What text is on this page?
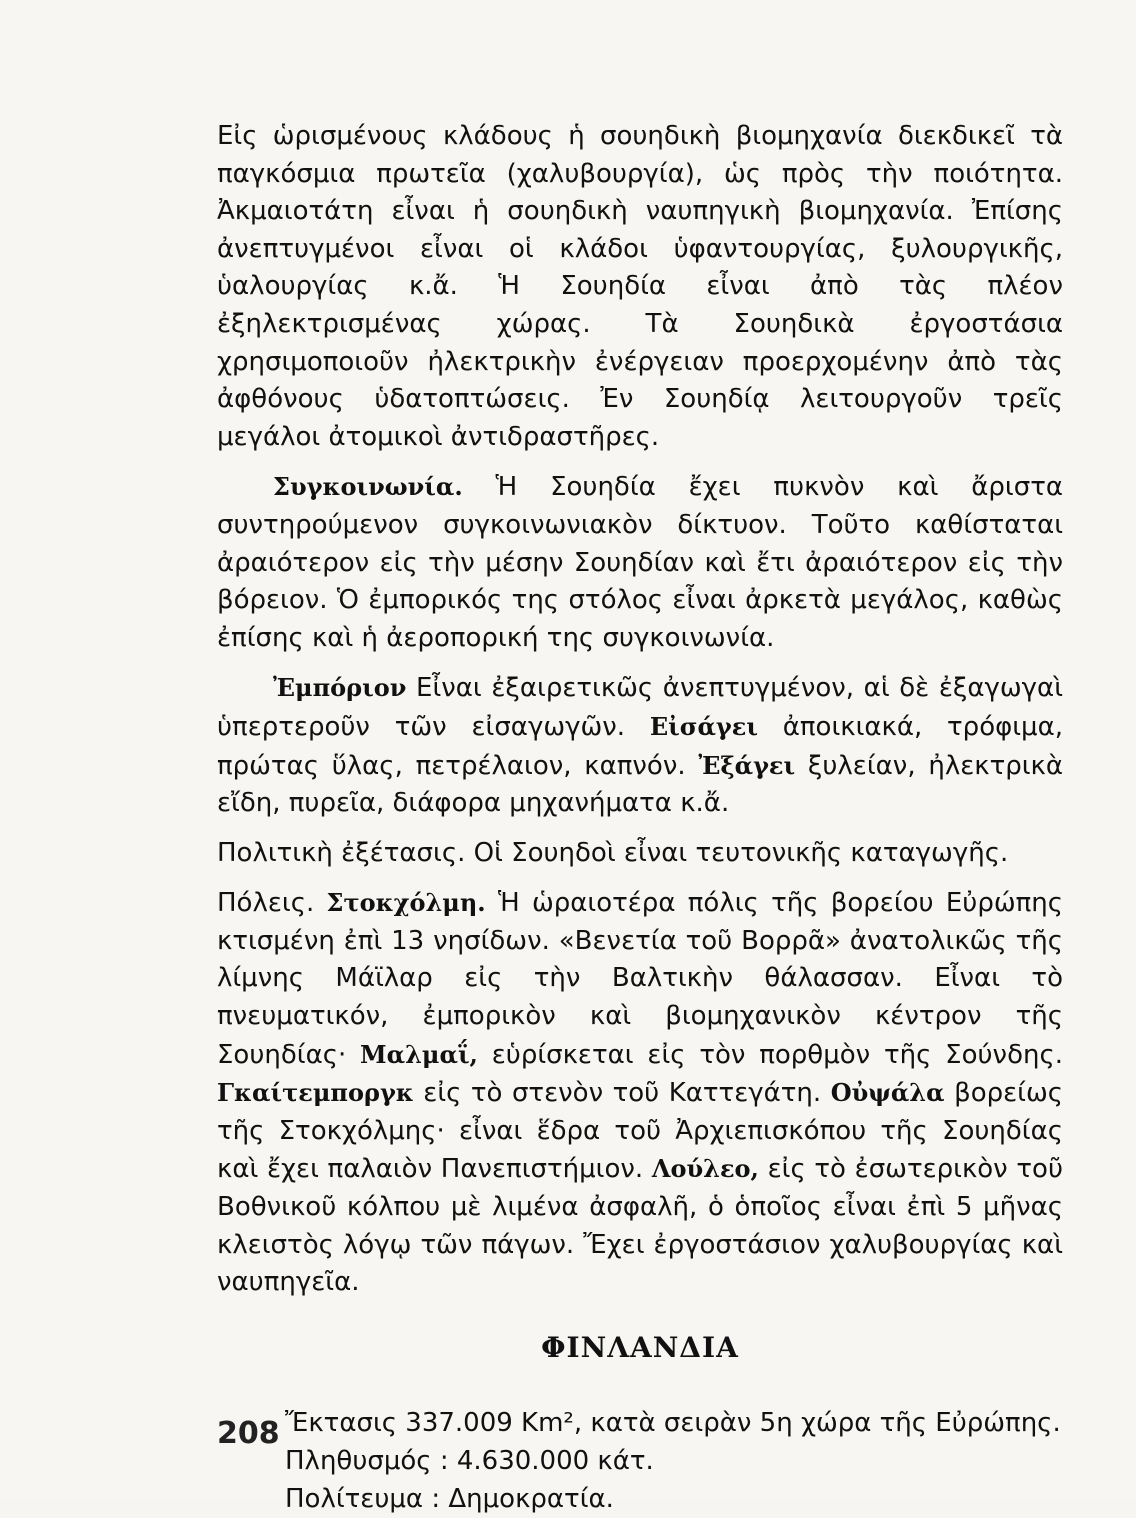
Εἰς ὡρισμένους κλάδους ἡ σουηδικὴ βιομηχανία διεκδικεῖ τὰ παγκόσμια πρωτεῖα (χαλυβουργία), ὡς πρὸς τὴν ποιότητα. Ἀκμαιοτάτη εἶναι ἡ σουηδικὴ ναυπηγικὴ βιομηχανία. Ἐπίσης ἀνεπτυγμένοι εἶναι οἱ κλάδοι ὑφαντουργίας, ξυλουργικῆς, ὑαλουργίας κ.ἄ. Ἡ Σουηδία εἶναι ἀπὸ τὰς πλέον ἐξηλεκτρισμένας χώρας. Τὰ Σουηδικὰ ἐργοστάσια χρησιμοποιοῦν ἠλεκτρικὴν ἐνέργειαν προερχομένην ἀπὸ τὰς ἀφθόνους ὑδατοπτώσεις. Ἐν Σουηδίᾳ λειτουργοῦν τρεῖς μεγάλοι ἀτομικοὶ ἀντιδραστῆρες.

Συγκοινωνία. Ἡ Σουηδία ἔχει πυκνὸν καὶ ἄριστα συντηρούμενον συγκοινωνιακὸν δίκτυον. Τοῦτο καθίσταται ἀραιότερον εἰς τὴν μέσην Σουηδίαν καὶ ἔτι ἀραιότερον εἰς τὴν βόρειον. Ὁ ἐμπορικός της στόλος εἶναι ἀρκετὰ μεγάλος, καθὼς ἐπίσης καὶ ἡ ἀεροπορική της συγκοινωνία.

Ἐμπόριον Εἶναι ἐξαιρετικῶς ἀνεπτυγμένον, αἱ δὲ ἐξαγωγαὶ ὑπερτεροῦν τῶν εἰσαγωγῶν. Εἰσάγει ἀποικιακά, τρόφιμα, πρώτας ὕλας, πετρέλαιον, καπνόν. Ἐξάγει ξυλείαν, ἠλεκτρικὰ εἴδη, πυρεῖα, διάφορα μηχανήματα κ.ἄ.

Πολιτικὴ ἐξέτασις. Οἱ Σουηδοὶ εἶναι τευτονικῆς καταγωγῆς.

Πόλεις. Στοκχόλμη. Ἡ ὡραιοτέρα πόλις τῆς βορείου Εὐρώπης κτισμένη ἐπὶ 13 νησίδων. «Βενετία τοῦ Βορρᾶ» ἀνατολικῶς τῆς λίμνης Μάϊλαρ εἰς τὴν Βαλτικὴν θάλασσαν. Εἶναι τὸ πνευματικόν, ἐμπορικὸν καὶ βιομηχανικὸν κέντρον τῆς Σουηδίας· Μαλμαΐ, εὑρίσκεται εἰς τὸν πορθμὸν τῆς Σούνδης. Γκαίτεμποργκ εἰς τὸ στενὸν τοῦ Καττεγάτη. Οὐψάλα βορείως τῆς Στοκχόλμης· εἶναι ἕδρα τοῦ Ἀρχιεπισκόπου τῆς Σουηδίας καὶ ἔχει παλαιὸν Πανεπιστήμιον. Λούλεο, εἰς τὸ ἐσωτερικὸν τοῦ Βοθνικοῦ κόλπου μὲ λιμένα ἀσφαλῆ, ὁ ὁποῖος εἶναι ἐπὶ 5 μῆνας κλειστὸς λόγῳ τῶν πάγων. Ἔχει ἐργοστάσιον χαλυβουργίας καὶ ναυπηγεῖα.

ΦΙΝΛΑΝΔΙΑ

Ἔκτασις 337.009 Km², κατὰ σειρὰν 5η χώρα τῆς Εὐρώπης.

Πληθυσμός : 4.630.000 κάτ.

Πολίτευμα : Δημοκρατία.

208
